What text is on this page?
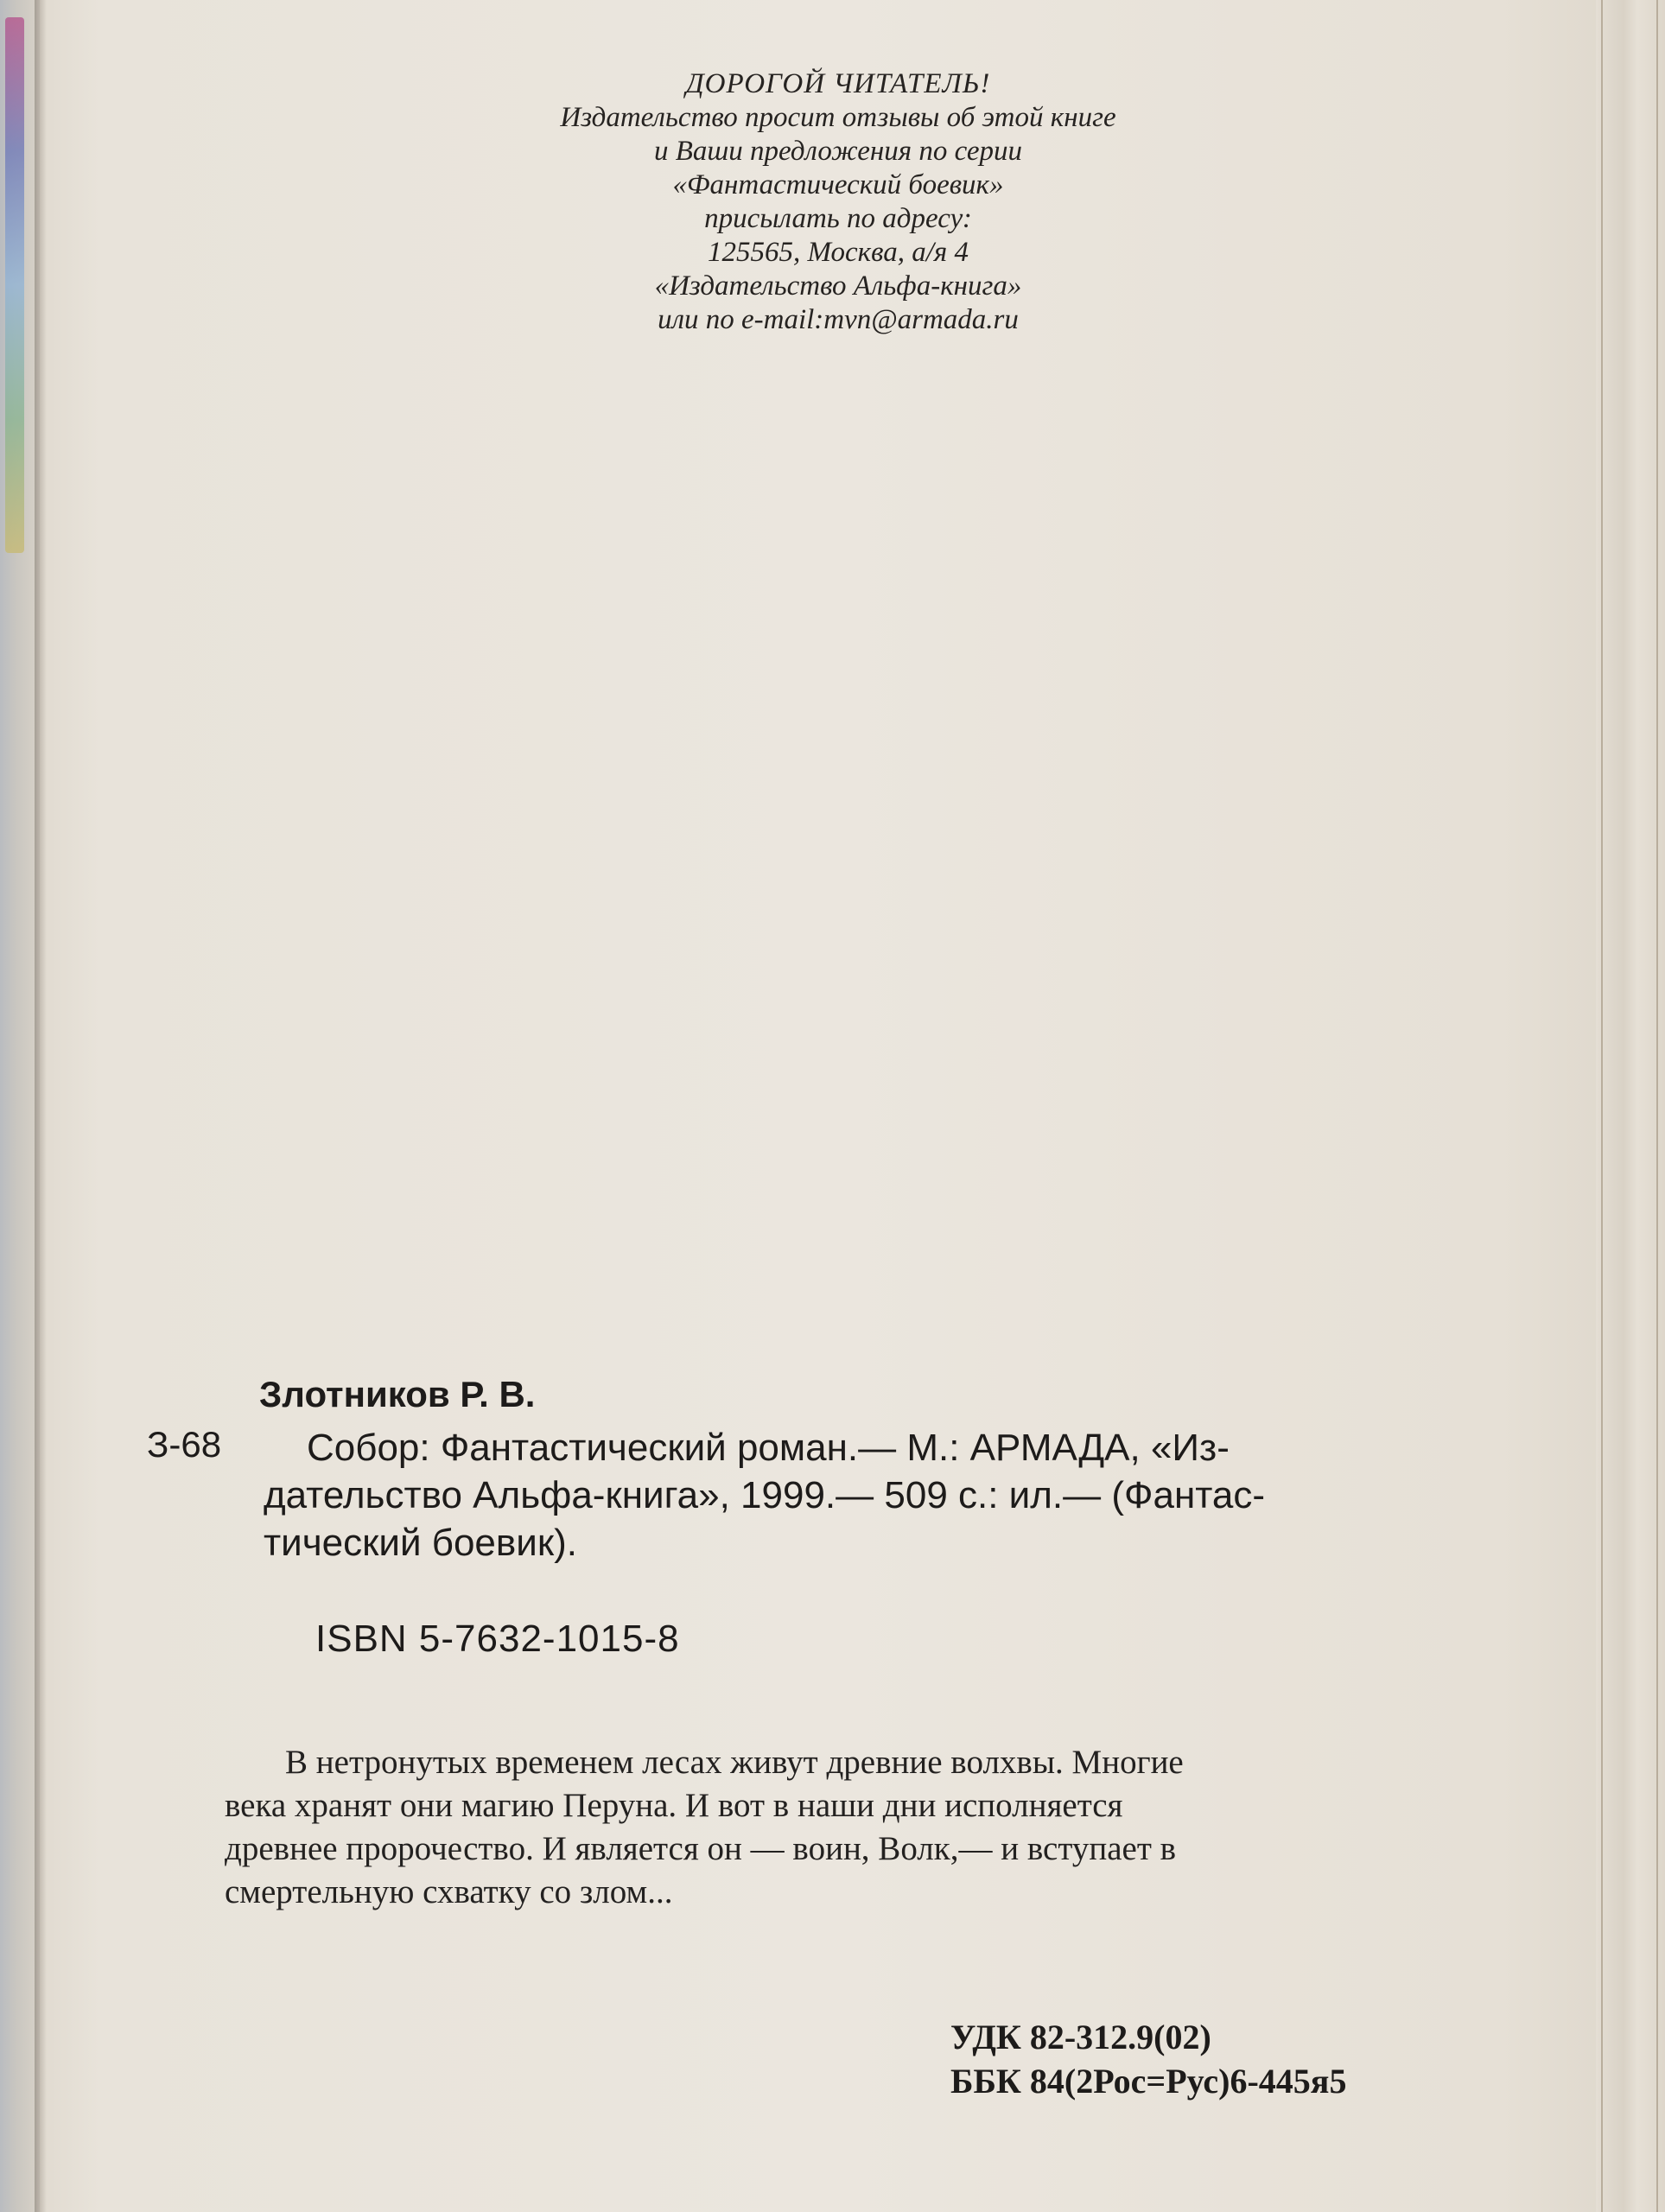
ДОРОГОЙ ЧИТАТЕЛЬ!
Издательство просит отзывы об этой книге
и Ваши предложения по серии
«Фантастический боевик»
присылать по адресу:
125565, Москва, а/я 4
«Издательство Альфа-книга»
или по e-mail:mvn@armada.ru
Злотников Р. В.
З-68	Собор: Фантастический роман.— М.: АРМАДА, «Из-
дательство Альфа-книга», 1999.— 509 с.: ил.— (Фантас-
тический боевик).
ISBN 5-7632-1015-8
В нетронутых временем лесах живут древние волхвы. Многие
века хранят они магию Перуна. И вот в наши дни исполняется
древнее пророчество. И является он — воин, Волк,— и вступает в
смертельную схватку со злом...
УДК 82-312.9(02)
ББК 84(2Рос=Рус)6-445я5
